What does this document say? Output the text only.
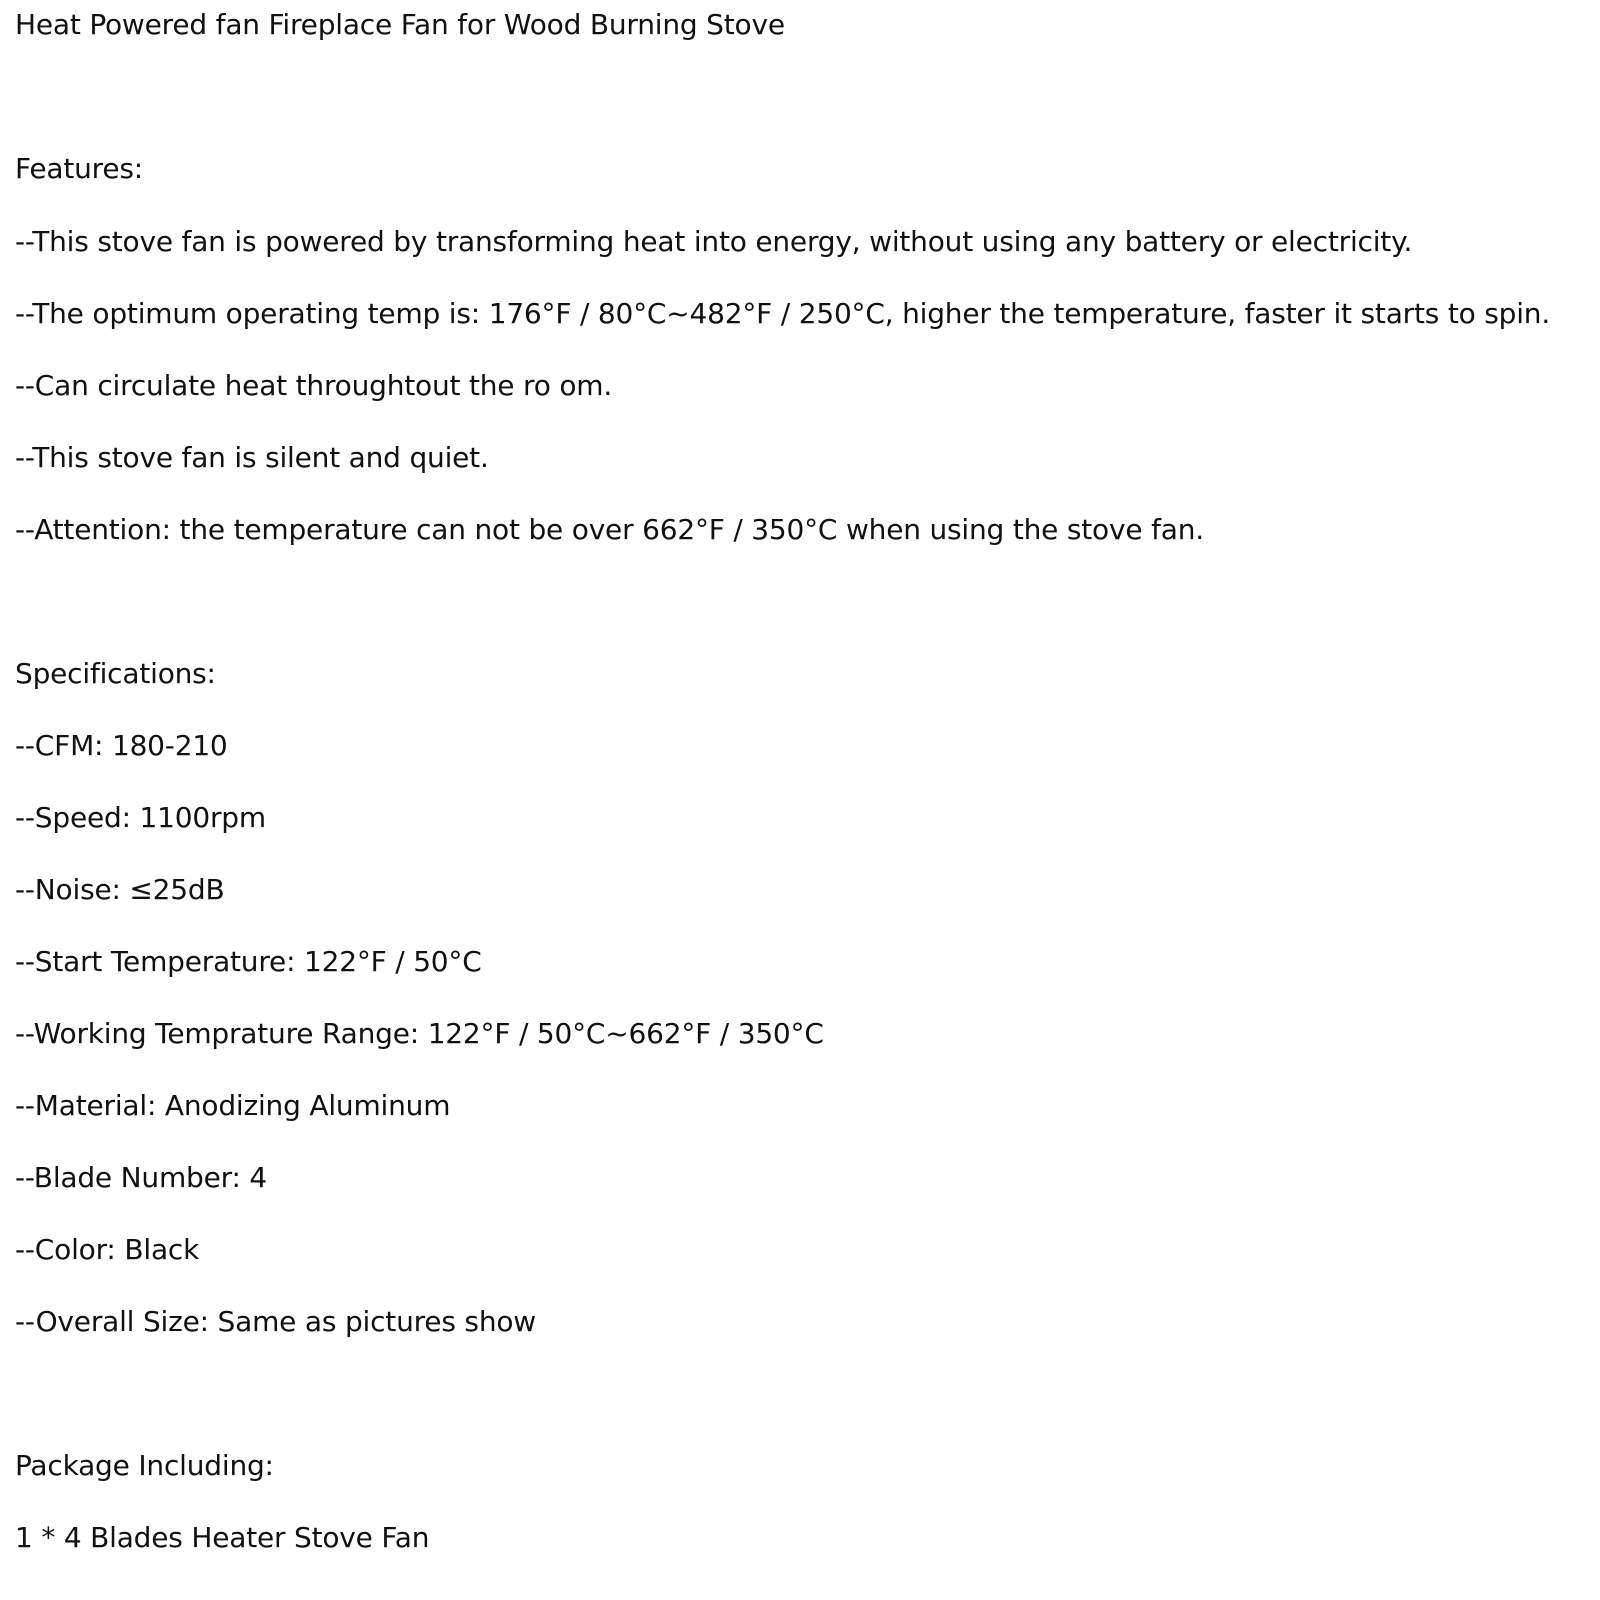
Heat Powered fan Fireplace Fan for Wood Burning Stove
Features:
--This stove fan is powered by transforming heat into energy, without using any battery or electricity.
--The optimum operating temp is: 176°F / 80°C~482°F / 250°C, higher the temperature, faster it starts to spin.
--Can circulate heat throughtout the ro om.
--This stove fan is silent and quiet.
--Attention: the temperature can not be over 662°F / 350°C when using the stove fan.
Specifications:
--CFM: 180-210
--Speed: 1100rpm
--Noise: ≤25dB
--Start Temperature: 122°F / 50°C
--Working Temprature Range: 122°F / 50°C~662°F / 350°C
--Material: Anodizing Aluminum
--Blade Number: 4
--Color: Black
--Overall Size: Same as pictures show
Package Including:
1 * 4 Blades Heater Stove Fan
